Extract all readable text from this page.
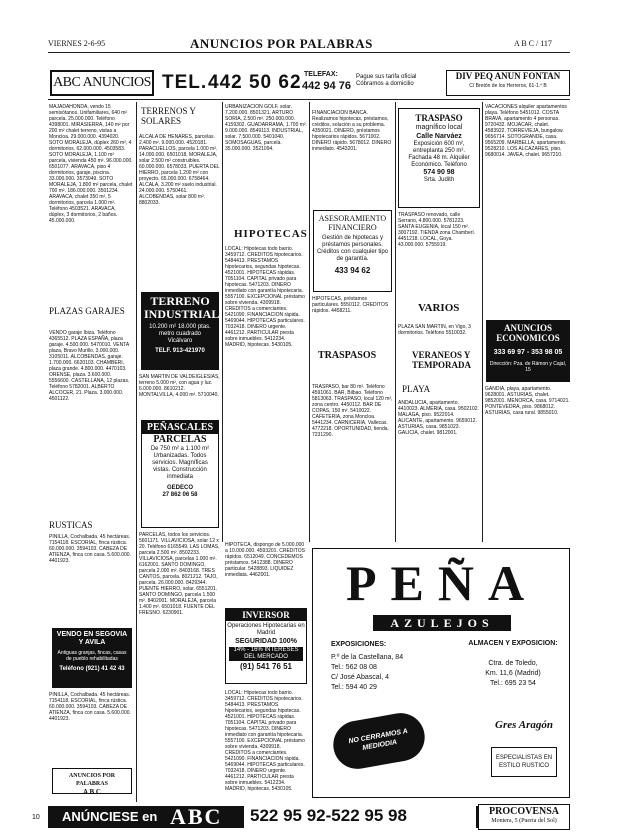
VIERNES 2-6-95	ANUNCIOS POR PALABRAS	A B C / 117
ABC ANUNCIOS TEL. 442 50 62 TELEFAX:
442 94 76
Pague sus tarifa oficial
Cóbramos a domicilio
DIV PEQ ANUN FONTAN
C/ Bretón de los Herreros, 61-1.º B
MAJADAHONDA, vendo 15 semisótanos. Unifamiliares, 640 m² parcela. 25.000.000. Teléfono 4398001. MIRASIERRA, 140 m² por 200 m² chalet terreno, vistas a Moncloa. 29.000.000. 4394020. SOTO MORALEJA, dúplex 260 m², 4 dormitorios. 62.000.000. 4503583. SOTO MORALEJA, 1.100 m² parcela, vivienda 450 m². 96.000.000. 6501077. ARAVACA, piso 4 dormitorios, garaje, piscina. 33.000.000. 3573049. SOTO MORALEJA, 1.800 m² parcela, chalet 700 m². 186.000.000. 3501234. ARAVACA, chalet 350 m², 5 dormitorios, parcela 1.000 m². Teléfono 4503521. ARAVACA, dúplex, 3 dormitorios, 2 baños. 45.000.000.
PLAZAS GARAJES
VENDO garaje Ibiza. Teléfono 4365512. PLAZA ESPAÑA, plaza garaje. 4.500.000. 5470010. VENTA plaza, Bravo Murillo. 3.000.000. 3105011. ALCOBENDAS, garaje. 1.700.000. 6620103. CHAMBERI, plaza grande. 4.800.000. 4470103. ORENSE, plaza. 3.600.000. 5556600. CASTELLANA, 12 plazas. Teléfono 5782001. ALBERTO ALCOCER, 21. Plaza. 3.000.000. 4501122.
RUSTICAS
PINILLA, Cochalbada. 45 hectáreas. 7154118. ESCORIAL, finca rústica. 60.000.000. 3594103. CABEZA DE ATIENZA, finca con casa. 5.600.000. 4401923.
VENDO EN SEGOVIA Y AVILA
Antiguas granjas, fincas, casas de pueblo rehabilitadas
Teléfono (921) 41 42 43
PINILLA, Cochalbada. 45 hectáreas. 7154118. ESCORIAL, finca rústica. 60.000.000. 3594103. CABEZA DE ATIENZA, finca con casa. 5.600.000. 4401923.
ANUNCIOS POR PALABRAS
A B C
TERRENOS Y SOLARES
ALCALA DE HENARES, parcelas. 2.400 m². 9.000.000. 4520181. PARACUELLOS, parcela 1.000 m². 14.000.000. 6501018. MORALEJA, solar 2.500 m² construibles. 60.000.000. 6578033. PUERTA DEL HIERRO, parcela 1.200 m² con proyecto. 65.000.000. 6758464. ALCALA, 3.200 m² suelo industrial. 24.000.000. 5750461. ALCOBENDAS, solar 800 m². 8802033.
TERRENO INDUSTRIAL
10.200 m² 18.000 ptas. metro cuadrado
Vicálvaro
TELF. 913-421970
SAN MARTIN DE VALDEIGLESIAS, terreno 5.000 m², con agua y luz. 6.000.000. 8610212. MONTALVILLA, 4.000 m². 5710040.
PEÑASCALES
PARCELAS
De 750 m² a 1.100 m² Urbanizadas. Todos servicios. Magníficas vistas. Construcción inmediata
GEDECO
27 862 06 58
PARCELAS, todos los servicios. 5601171. VILLAVICIOSA, solar 12 x 20. Teléfono 6165549. LAS LOMAS, parcela 2.500 m². 8502233. VILLAVICIOSA, parcelas 1.000 m². 6162001. SANTO DOMINGO, parcela 2.000 m². 8403168. TRES CANTOS, parcela. 8021212. TAJO, parcela. 26.000.000. 8429344. PUENTE HIERRO, solar. 6551201. SANTO DOMINGO, parcela 1.500 m². 8402001. MORALEJA, parcela 1.400 m². 6501018. FUENTE DEL FRESNO. 6230901.
URBANIZACION GOLF, solar. 7.200.000. 8501321. ARTURO SORIA, 2.500 m². 250.000.000. 4159302. GUADARRAMA, 1.700 m². 9.000.000. 8549113. INDUSTRIAL, solar. 7.500.000. 5401040. SOMOSAGUAS, parcela. 35.000.000. 3521094.
HIPOTECAS
LOCAL: Hipotecas todo barrio. 3459712. CREDITOS hipotecarios. 5484413. PRESTAMOS hipotecarios, segundas hipotecas. 4521001. HIPOTECAS rápidas. 7051104. CAPITAL privado para hipotecas. 5471203. DINERO inmediato con garantía hipotecaria. 5557100. EXCEPCIONAL préstamo sobre vivienda. 4309918. CREDITOS a comerciantes. 5421090. FINANCIACION rápida. 5469044. HIPOTECAS particulares. 7032418. DINERO urgente. 4461212. PARTICULAR presta sobre inmuebles. 5412234. MADRID, hipotecas. 5430105.
FINANCIACION BANCA. Realizamos hipotecas, préstamos, créditos, solución a su problema. 4350021. DINERO, préstamos hipotecarios rápidos. 5671002. DINERO rápido. 5678012. DINERO inmediato. 4543201.
ASESORAMIENTO FINANCIERO
Gestión de hipotecas y préstamos personales. Créditos con cualquier tipo de garantía.
433 94 62
HIPOTECAS, préstamos particulares. 5550112. CREDITOS rápidos. 4458211.
TRASPASOS
TRASPASO, bar 80 m². Teléfono 4591061. BAR, Bilbao. Teléfono 5813063. TRASPASO, local 120 m², zona centro. 4450112. BAR DE COPAS, 150 m². 5410022. CAFETERIA, zona Moncloa. 5441234. CARNICERIA, Vallecas. 4772218. OPORTUNIDAD, tienda. 7231290.
TRASPASO
magnífico local
Calle Narváez
Exposición 600 m², entreplanta 250 m². Fachada 48 m. Alquiler Económico. Teléfono
574 90 98
Srta. Judith
TRASPASO renovado, calle Serrano, 4.800.000. 5781223. SANTA EUGENIA, local 150 m². 3007192. TIENDA zona Chamberí. 4451218. LOCAL, Goya. 43.000.000. 5755919.
VARIOS
PLAZA SAN MARTIN, en Vigo, 3 dormitorios. Teléfono 5510032.
VERANEOS Y TEMPORADA
PLAYA
ANDALUCIA, apartamento. 4410023. ALMERIA, casa. 9502102. MALAGA, piso. 9522014. ALICANTE, apartamento. 9659012. ASTURIAS, casa. 9851023. GALICIA, chalet. 9812001.
VACACIONES alquiler apartamentos playa. Teléfono 5451012. COSTA BRAVA, apartamento 4 personas. 9720432. MOJACAR, chalet. 4583922. TORREVIEJA, bungalow. 9656714. SOTOGRANDE, casa. 9565209. MARBELLA, apartamento. 9528210. LOS ALCAZARES, piso. 9680014. JAVEA, chalet. 9657210.
ANUNCIOS ECONOMICOS
333 69 97 - 353 98 05
Dirección: Pza. de Rámon y Cajal, 15
GANDIA, playa, apartamento. 9628001. ASTURIAS, chalet. 9852001. MENORCA, casa. 9714021. PONTEVEDRA, piso. 9868012. ASTURIAS, casa rural. 9855010.
HIPOTECA, dispongo de 5.000.000 a 10.000.000. 4593201. CREDITOS rápidos. 6512049. CONCEDEMOS préstamos. 5412388. DINERO particular. 5428893. LIQUIDEZ inmediata. 4462001.
INVERSOR
Operaciones Hipotecarias en Madrid
SEGURIDAD 100%
14% - 16% INTERESES DEL MERCADO
(91) 541 76 51
LOCAL: Hipotecas todo barrio. 3459712. CREDITOS hipotecarios. 5484413. PRESTAMOS hipotecarios, segundas hipotecas. 4521001. HIPOTECAS rápidas. 7051104. CAPITAL privado para hipotecas. 5471203. DINERO inmediato con garantía hipotecaria. 5557100. EXCEPCIONAL préstamo sobre vivienda. 4309918. CREDITOS a comerciantes. 5421090. FINANCIACION rápida. 5469044. HIPOTECAS particulares. 7032418. DINERO urgente. 4461212. PARTICULAR presta sobre inmuebles. 5412234. MADRID, hipotecas. 5430105.
PEÑA
AZULEJOS
EXPOSICIONES:
P.º de la Castellana, 84
Tel.: 562 08 08
C/ José Abascal, 4
Tel.: 594 40 29
ALMACEN Y EXPOSICION:
Ctra. de Toledo,
Km. 11,6 (Madrid)
Tel.: 695 23 54
NO CERRAMOS A MEDIODIA
Gres Aragón
ESPECIALISTAS EN ESTILO RUSTICO
ANÚNCIESE en ABC 522 95 92-522 95 98	PROCOVENSA
Montera, 5 (Puerta del Sol)
10
